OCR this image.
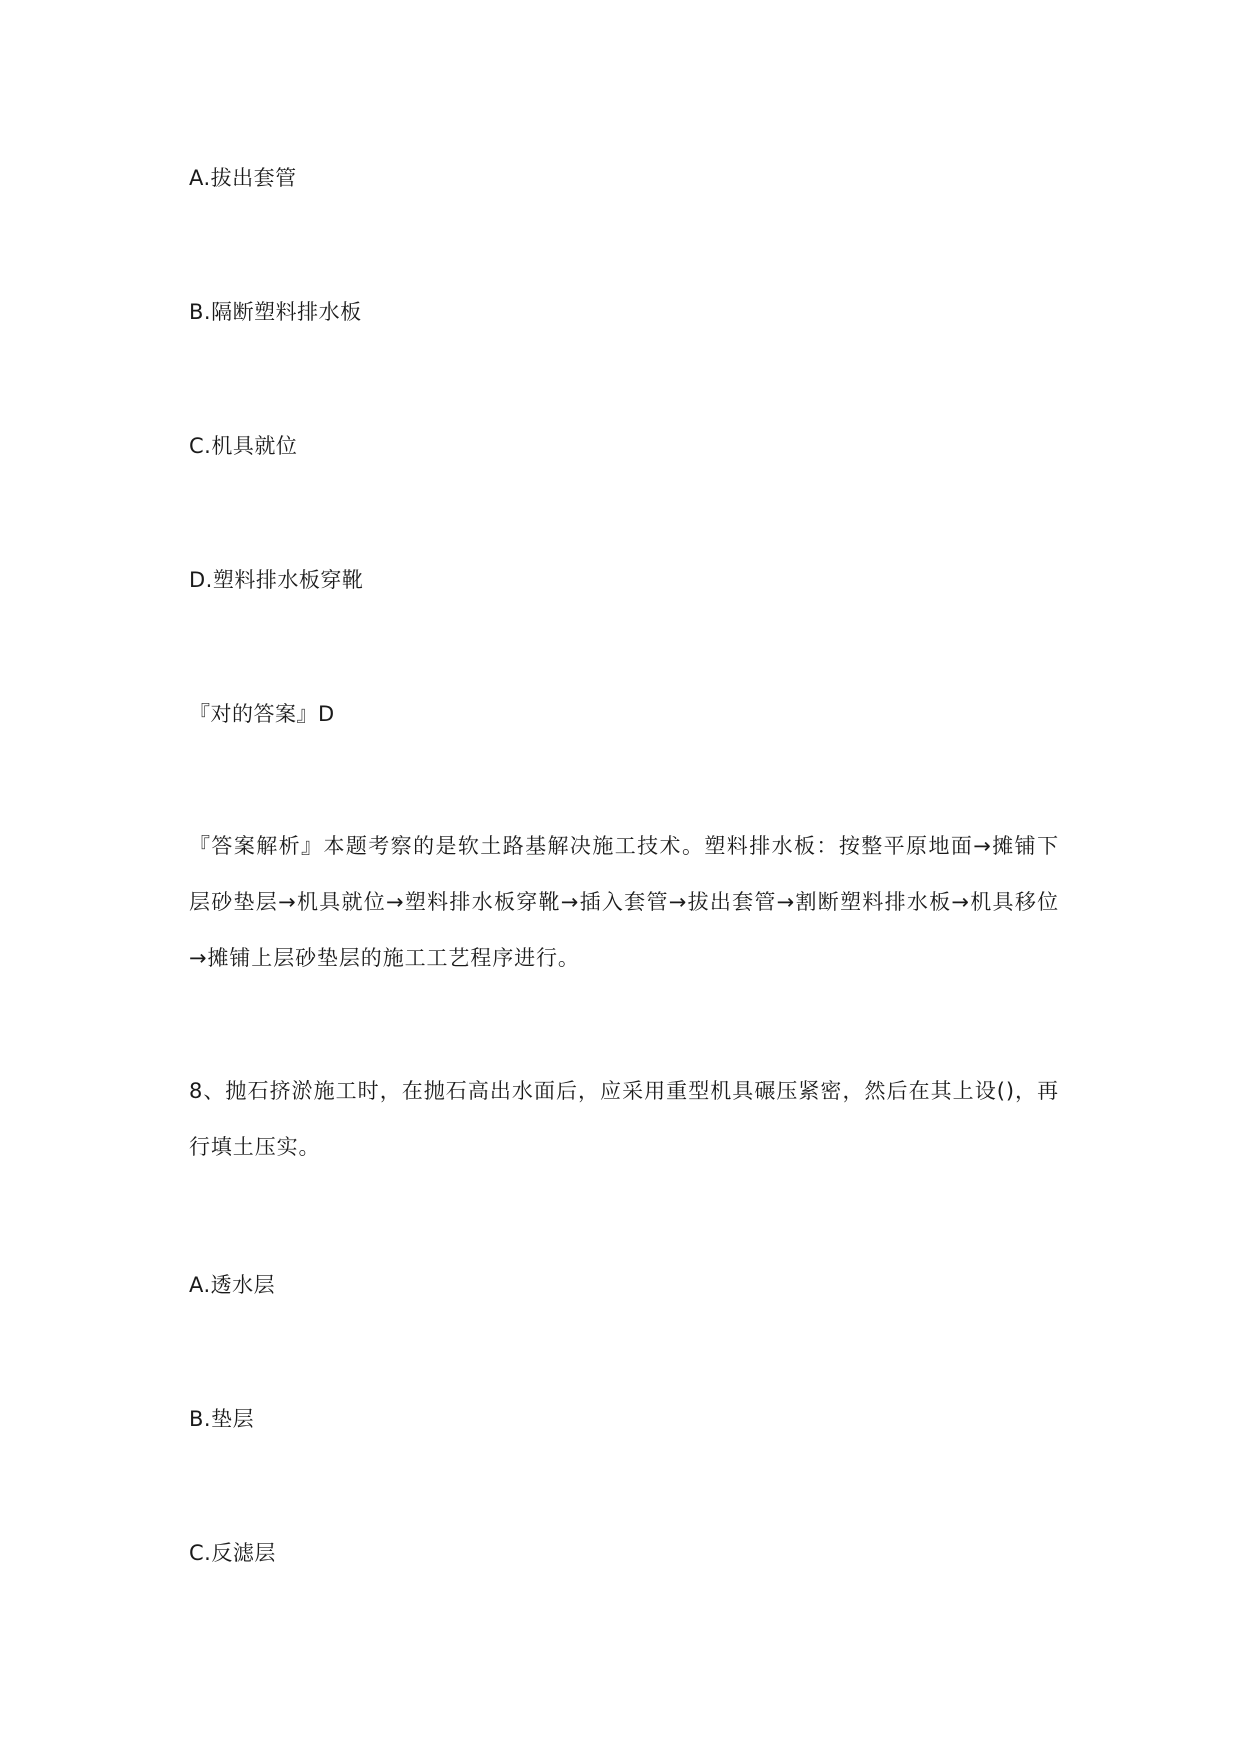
A.拔出套管
B.隔断塑料排水板
C.机具就位
D.塑料排水板穿靴
『对的答案』D
『答案解析』本题考察的是软土路基解决施工技术。塑料排水板：按整平原地面→摊铺下层砂垫层→机具就位→塑料排水板穿靴→插入套管→拔出套管→割断塑料排水板→机具移位→摊铺上层砂垫层的施工工艺程序进行。
8、抛石挤淤施工时，在抛石高出水面后，应采用重型机具碾压紧密，然后在其上设()，再行填土压实。
A.透水层
B.垫层
C.反滤层
